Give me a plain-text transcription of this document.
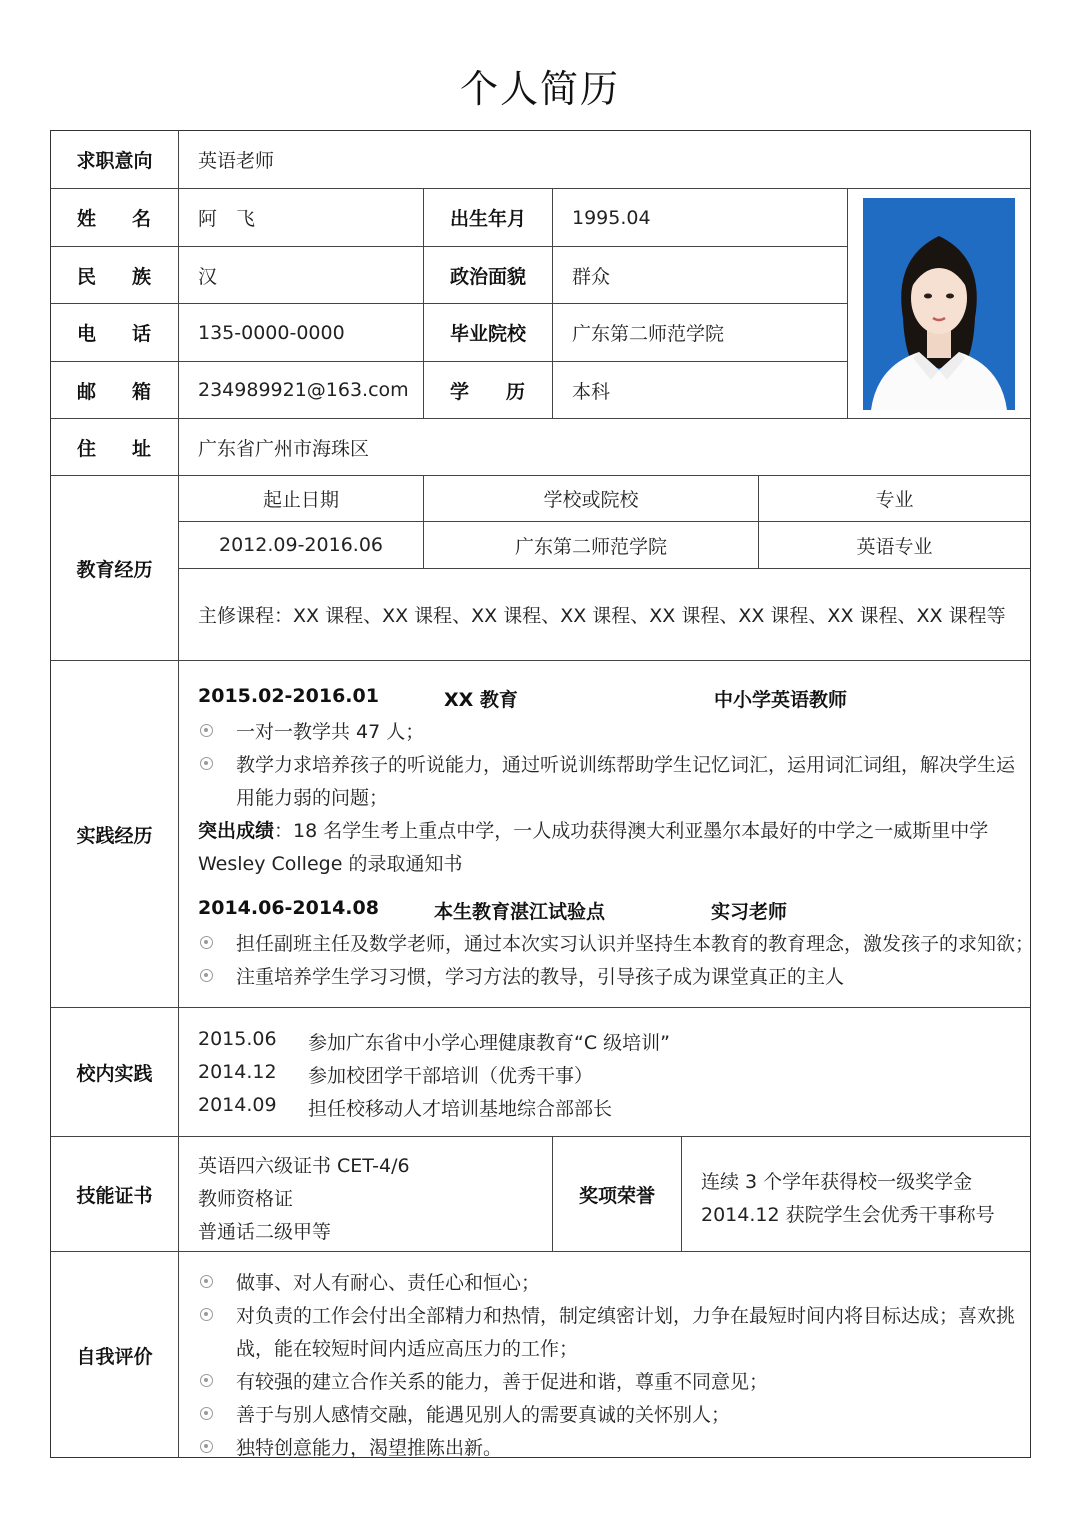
个人简历
求职意向	英语老师
姓 名	阿　飞	出生年月	1995.04
民 族	汉	政治面貌	群众
电 话	135-0000-0000	毕业院校	广东第二师范学院
邮 箱	234989921@163.com	学 历	本科
住 址	广东省广州市海珠区
教育经历
起止日期	学校或院校	专业
2012.09-2016.06	广东第二师范学院	英语专业
主修课程：XX 课程、XX 课程、XX 课程、XX 课程、XX 课程、XX 课程、XX 课程、XX 课程等
实践经历
2015.02-2016.01	XX 教育	中小学英语教师
一对一教学共 47 人；
教学力求培养孩子的听说能力，通过听说训练帮助学生记忆词汇，运用词汇词组，解决学生运
用能力弱的问题；
突出成绩：18 名学生考上重点中学，一人成功获得澳大利亚墨尔本最好的中学之一威斯里中学
Wesley College 的录取通知书
2014.06-2014.08	本生教育湛江试验点	实习老师
担任副班主任及数学老师，通过本次实习认识并坚持生本教育的教育理念，激发孩子的求知欲；
注重培养学生学习习惯，学习方法的教导，引导孩子成为课堂真正的主人
校内实践
2015.06 参加广东省中小学心理健康教育“C 级培训”
2014.12 参加校团学干部培训（优秀干事）
2014.09 担任校移动人才培训基地综合部部长
技能证书
英语四六级证书 CET-4/6
教师资格证
普通话二级甲等
奖项荣誉
连续 3 个学年获得校一级奖学金
2014.12 获院学生会优秀干事称号
自我评价
做事、对人有耐心、责任心和恒心；
对负责的工作会付出全部精力和热情，制定缜密计划，力争在最短时间内将目标达成；喜欢挑
战，能在较短时间内适应高压力的工作；
有较强的建立合作关系的能力，善于促进和谐，尊重不同意见；
善于与别人感情交融，能遇见别人的需要真诚的关怀别人；
独特创意能力，渴望推陈出新。
